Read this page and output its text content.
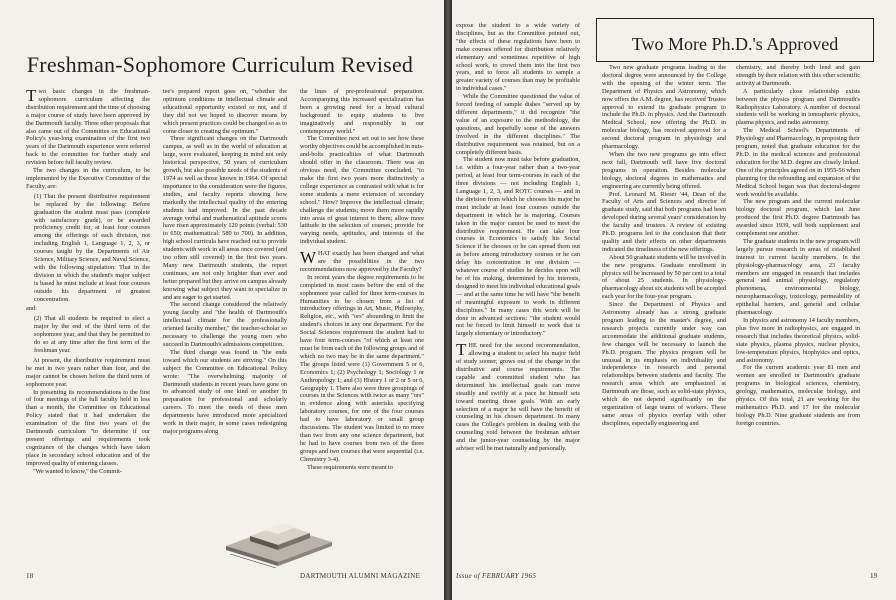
Freshman-Sophomore Curriculum Revised

Two basic changes in the freshman-sophomore curriculum affecting the distribution requirement and the time of choosing a major course of study have been approved by the Dartmouth faculty. Three other proposals that also came out of the Committee on Educational Policy's year-long examination of the first two years of the Dartmouth experience were referred back to the committee for further study and revision before full faculty review.

The two changes in the curriculum, to be implemented by the Executive Committee of the Faculty, are:

(1) That the present distributive requirement be replaced by the following: Before graduation the student must pass (complete with satisfactory grade), or be awarded proficiency credit for, at least four courses among the offerings of each division, not including English 1, Language 1, 2, 3, or courses taught by the Departments of Air Science, Military Science, and Naval Science, with the following stipulation: That in the division in which the student's major subject is based he must include at least four courses outside his department of greatest concentration.

and:

(2) That all students be required to elect a major by the end of the third term of the sophomore year, and that they be permitted to do so at any time after the first term of the freshman year.

At present, the distributive requirement must be met in two years rather than four, and the major cannot be chosen before the third term of sophomore year.

In presenting its recommendations to the first of four meetings of the full faculty held in less than a month, the Committee on Educational Policy stated that it had undertaken the examination of the first two years of the Dartmouth curriculum "to determine if our present offerings and requirements took cognizance of the changes which have taken place in secondary school education and of the improved quality of entering classes.

"We wanted to know," the Commit-

tee's prepared report goes on, "whether the optimum conditions in intellectual climate and educational opportunity existed or not, and if they did not we hoped to discover means by which present practices could be changed so as to come closer to creating the optimum."

Three significant changes on the Dartmouth campus, as well as in the world of education at large, were evaluated, keeping in mind not only historical perspective, 50 years of curriculum growth, but also possible needs of the students of 1974 as well as those known in 1964. Of special importance to the consideration were the figures, studies, and faculty reports showing how markedly the intellectual quality of the entering students had improved. In the past decade average verbal and mathematical aptitude scores have risen approximately 120 points (verbal: 530 to 650; mathematical: 580 to 700). In addition, high school curricula have reached out to provide students with work in all areas once covered (and too often still covered) in the first two years. Many new Dartmouth students, the report continues, are not only brighter than ever and better prepared but they arrive on campus already knowing what subject they want to specialize in and are eager to get started.

The second change considered the relatively young faculty and "the health of Dartmouth's intellectual climate for the professionally oriented faculty member," the teacher-scholar so necessary to challenge the young men who succeed in Dartmouth's admissions competition.

The third change was found in "the ends toward which our students are striving." On this subject the Committee on Educational Policy wrote: "The overwhelming majority of Dartmouth students in recent years have gone on to advanced study of one kind or another in preparation for professional and scholarly careers. To meet the needs of these men departments have introduced more specialized work in their major, in some cases redesigning major programs along

the lines of pre-professional preparation. Accompanying this increased specialization has been a growing need for a broad cultural background to equip students to live imaginatively and responsibly in our contemporary world."

The Committee next set out to see how these worthy objectives could be accomplished in nuts-and-bolts practicalities of what Dartmouth should offer in the classroom. There was an obvious need, the Committee concluded, "to make the first two years more distinctively a college experience as contrasted with what is for some students a mere extension of secondary school." How? Improve the intellectual climate; challenge the students; move them more rapidly into areas of great interest to them; allow more latitude in the selection of courses; provide for varying needs, aptitudes, and interests of the individual student.

WHAT exactly has been changed and what are the possibilities in the two recommendations now approved by the Faculty?

In recent years the degree requirements to be completed in most cases before the end of the sophomore year called for three term-courses in Humanities to be chosen from a list of introductory offerings in Art, Music, Philosophy, Religion, etc., with "ors" abounding to limit the student's choices in any one department. For the Social Sciences requirement the student had to have four term-courses "of which at least one must be from each of the following groups and of which no two may be in the same department." The groups listed were (1) Government 5 or 6, Economics 1; (2) Psychology 1; Sociology 1 or Anthropology 1; and (3) History 1 or 2 or 5 or 6, Geography 1. There also were three groupings of courses in the Sciences with twice as many "ors" in evidence along with asterisks specifying laboratory courses, for one of the four courses had to have laboratory or small group discussions. The student was limited to no more than two from any one science department, but he had to have courses from two of the three groups and two courses that were sequential (i.e. Chemistry 3-4).

These requirements were meant to

18	DARTMOUTH ALUMNI MAGAZINE

expose the student to a wide variety of disciplines, but as the Committee pointed out, "the effects of these regulations have been to make courses offered for distribution relatively elementary and sometimes repetitive of high school work, to crowd them into the first two years, and to force all students to sample a greater variety of courses than may be profitable in individual cases."

While the Committee questioned the value of forced feeding of sample dishes "served up by different departments," it did recognize "the value of an exposure to the methodology, the questions, and hopefully some of the answers involved in the different disciplines." The distributive requirement was retained, but on a completely different basis.

The student now must take before graduation, i.e. within a four-year rather than a two-year period, at least four term-courses in each of the three divisions — not including English 1, Language 1, 2, 3, and ROTC courses — and in the division from which he chooses his major he must include at least four courses outside the department in which he is majoring. Courses taken in the major cannot be used to meet the distributive requirement. He can take four courses in Economics to satisfy his Social Science if he chooses or he can spread them out as before among introductory courses or he can delay his concentration in one division — whatever course of studies he decides upon will be of his making, determined by his interests, designed to meet his individual educational goals — and at the same time he will have "the benefit of meaningful exposure to work in different disciplines." In many cases this work will be done in advanced sections: "the student would not be forced to limit himself to work that is largely elementary or introductory."

THE need for the second recommendation, allowing a student to select his major field of study sooner, grows out of the change in the distributive and course requirements. The capable and committed student who has determined his intellectual goals can move steadily and swiftly at a pace he himself sets toward meeting those goals. With an early selection of a major he will have the benefit of counseling in his chosen department. In many cases the College's problem in dealing with the counseling void between the freshman adviser and the junior-year counseling by the major adviser will be met naturally and personally.

Two new graduate programs leading to the doctoral degree were announced by the College with the opening of the winter term. The Department of Physics and Astronomy, which now offers the A.M. degree, has received Trustee approval to extend its graduate program to include the Ph.D. in physics. And the Dartmouth Medical School, now offering the Ph.D. in molecular biology, has received approval for a second doctoral program in physiology and pharmacology.

When the two new programs go into effect next fall, Dartmouth will have five doctoral programs in operation. Besides molecular biology, doctoral degrees in mathematics and engineering are currently being offered.

Prof. Leonard M. Rieser '44, Dean of the Faculty of Arts and Sciences and director of graduate study, said that both programs had been developed during several years' consideration by the faculty and trustees. A review of existing Ph.D. programs led to the conclusion that their quality and their effects on other departments indicated the timeliness of the new offerings.

About 50 graduate students will be involved in the new programs. Graduate enrollment in physics will be increased by 50 per cent to a total of about 25 students. In physiology-pharmacology about six students will be accepted each year for the four-year program.

Since the Department of Physics and Astronomy already has a strong graduate program leading to the master's degree, and research projects currently under way can accommodate the additional graduate students, few changes will be necessary to launch the Ph.D. program. The physics program will be unusual in its emphasis on individuality and independence in research and personal relationships between students and faculty. The research areas which are emphasized at Dartmouth are those, such as solid-state physics, which do not depend significantly on the organization of large teams of workers. These same areas of physics overlap with other disciplines, especially engineering and

chemistry, and thereby both lend and gain strength by their relation with this other scientific activity at Dartmouth.

A particularly close relationship exists between the physics program and Dartmouth's Radiophysics Laboratory. A number of doctoral students will be working in ionospheric physics, plasma physics, and radio astronomy.

The Medical School's Departments of Physiology and Pharmacology, in proposing their program, noted that graduate education for the Ph.D. in the medical sciences and professional education for the M.D. degree are closely linked. One of the principles agreed on in 1955-56 when planning for the refounding and expansion of the Medical School began was that doctoral-degree work would be available.

The new program and the current molecular biology doctoral program, which last June produced the first Ph.D. degree Dartmouth has awarded since 1939, will both supplement and complement one another.

The graduate students in the new program will largely pursue research in areas of established interest to current faculty members. In the physiology-pharmacology area, 23 faculty members are engaged in research that includes general and animal physiology, regulatory phenomena, environmental biology, neuropharmacology, toxicology, permeability of epithelial barriers, and general and cellular pharmacology.

In physics and astronomy 14 faculty members, plus five more in radiophysics, are engaged in research that includes theoretical physics, solid-state physics, plasma physics, nuclear physics, low-temperature physics, biophysics and optics, and astronomy.

For the current academic year 81 men and women are enrolled in Dartmouth's graduate programs in biological sciences, chemistry, geology, mathematics, molecular biology, and physics. Of this total, 21 are working for the mathematics Ph.D. and 17 for the molecular biology Ph.D. Nine graduate students are from foreign countries.

Issue of FEBRUARY 1965	19
Two More Ph.D.'s Approved
